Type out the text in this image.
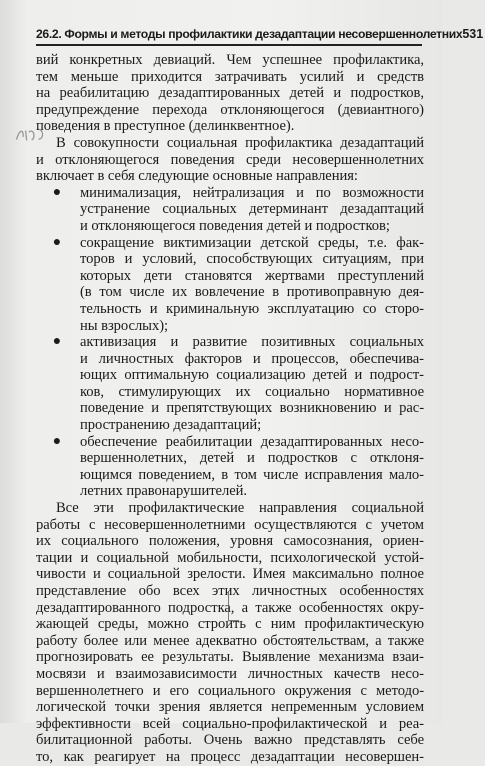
26.2. Формы и методы профилактики дезадаптации несовершеннолетних 531
вий конкретных девиаций. Чем успешнее профилактика,
тем меньше приходится затрачивать усилий и средств
на реабилитацию дезадаптированных детей и подростков,
предупреждение перехода отклоняющегося (девиантного)
поведения в преступное (делинквентное).
В совокупности социальная профилактика дезадаптаций
и отклоняющегося поведения среди несовершеннолетних
включает в себя следующие основные направления:
●	минимализация, нейтрализация и по возможности
устранение социальных детерминант дезадаптаций
и отклоняющегося поведения детей и подростков;
●	сокращение виктимизации детской среды, т.е. фак-
торов и условий, способствующих ситуациям, при
которых дети становятся жертвами преступлений
(в том числе их вовлечение в противоправную дея-
тельность и криминальную эксплуатацию со сторо-
ны взрослых);
●	активизация и развитие позитивных социальных
и личностных факторов и процессов, обеспечива-
ющих оптимальную социализацию детей и подрост-
ков, стимулирующих их социально нормативное
поведение и препятствующих возникновению и рас-
пространению дезадаптаций;
●	обеспечение реабилитации дезадаптированных несо-
вершеннолетних, детей и подростков с отклоня-
ющимся поведением, в том числе исправления мало-
летних правонарушителей.
Все эти профилактические направления социальной
работы с несовершеннолетними осуществляются с учетом
их социального положения, уровня самосознания, ориен-
тации и социальной мобильности, психологической устой-
чивости и социальной зрелости. Имея максимально полное
представление обо всех этих личностных особенностях
дезадаптированного подростка, а также особенностях окру-
жающей среды, можно строить с ним профилактическую
работу более или менее адекватно обстоятельствам, а также
прогнозировать ее результаты. Выявление механизма взаи-
мосвязи и взаимозависимости личностных качеств несо-
вершеннолетнего и его социального окружения с методо-
логической точки зрения является непременным условием
эффективности всей социально-профилактической и реа-
билитационной работы. Очень важно представлять себе
то, как реагирует на процесс дезадаптации несовершен-
